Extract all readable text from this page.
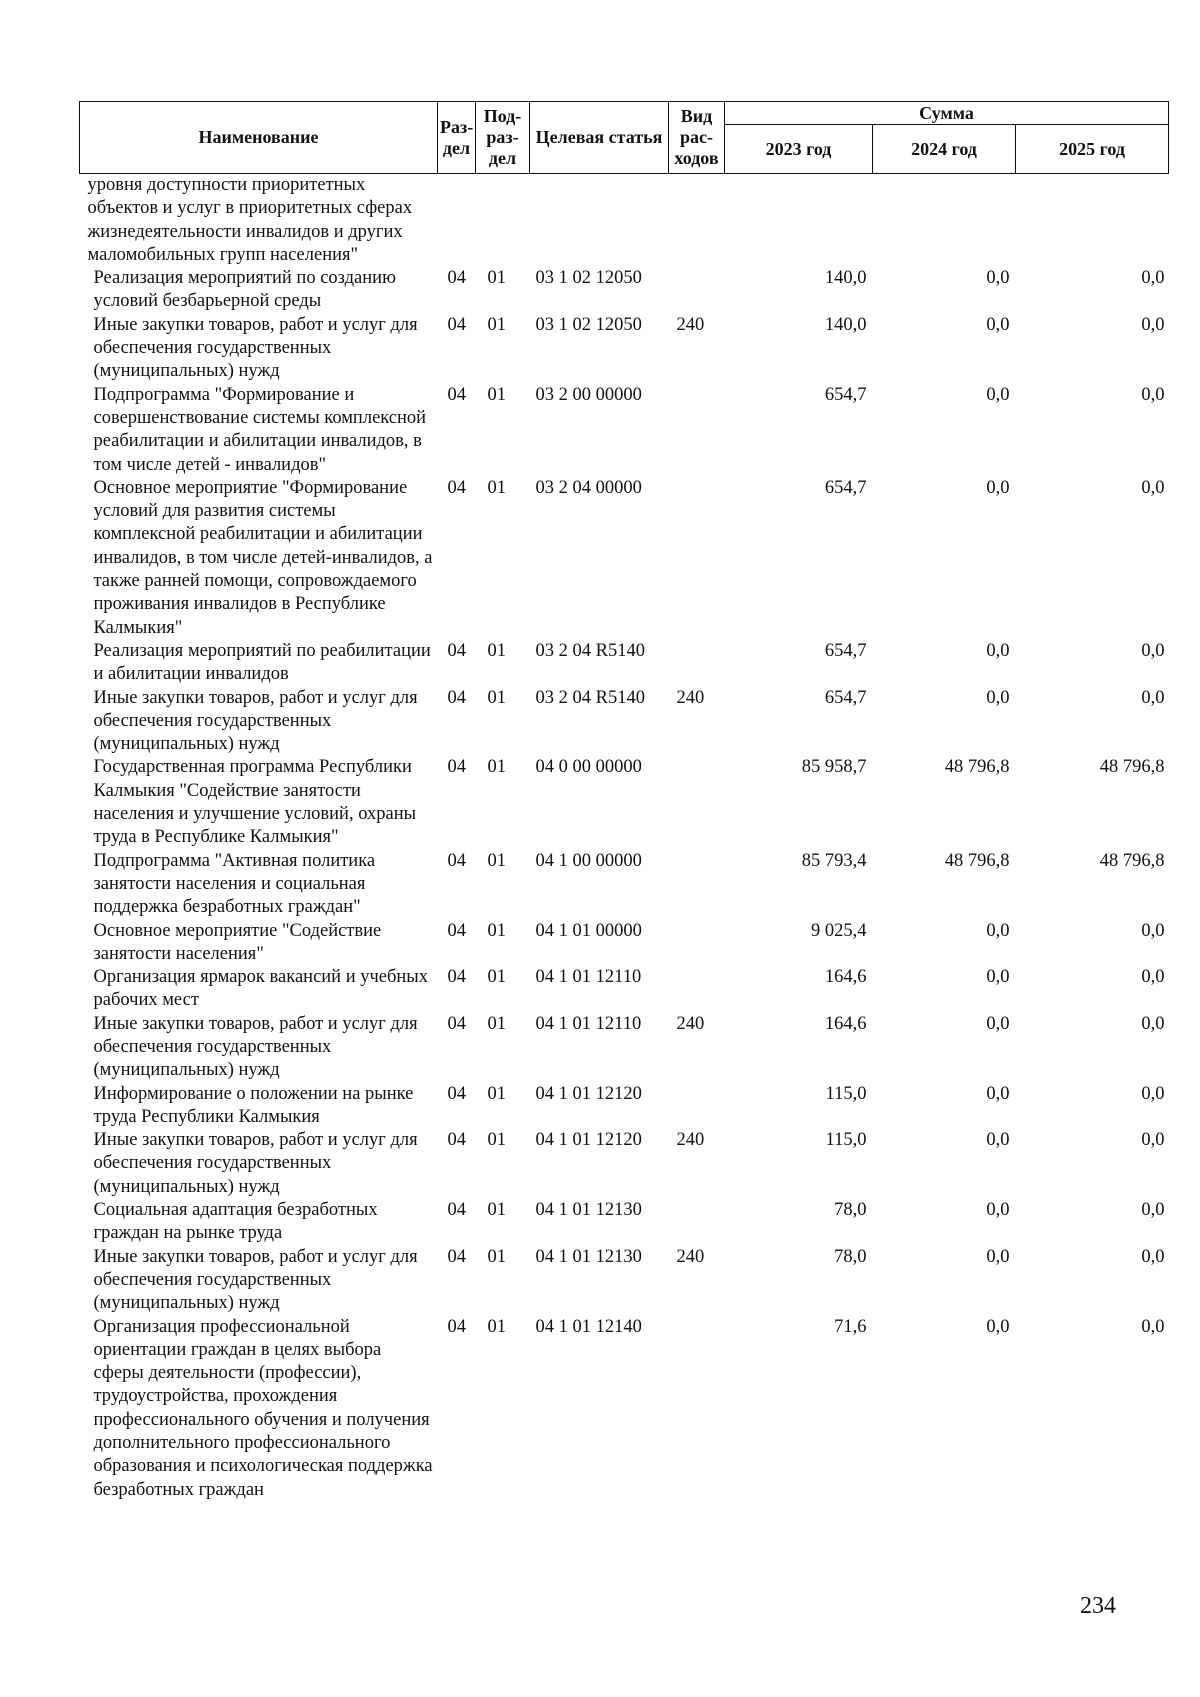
Наименование	Раз-дел	Под-раз-дел	Целевая статья	Вид рас-ходов	Сумма		
					2023 год	2024 год	2025 год
уровня доступности приоритетных объектов и услуг в приоритетных сферах жизнедеятельности инвалидов и других маломобильных групп населения"							
Реализация мероприятий по созданию условий безбарьерной среды	04	01	03 1 02 12050		140,0	0,0	0,0
Иные закупки товаров, работ и услуг для обеспечения государственных (муниципальных) нужд	04	01	03 1 02 12050	240	140,0	0,0	0,0
Подпрограмма "Формирование и совершенствование системы комплексной реабилитации и абилитации инвалидов, в том числе детей - инвалидов"	04	01	03 2 00 00000		654,7	0,0	0,0
Основное мероприятие "Формирование условий для развития системы комплексной реабилитации и абилитации инвалидов, в том числе детей-инвалидов, а также ранней помощи, сопровождаемого проживания инвалидов в Республике Калмыкия"	04	01	03 2 04 00000		654,7	0,0	0,0
Реализация мероприятий по реабилитации и абилитации инвалидов	04	01	03 2 04 R5140		654,7	0,0	0,0
Иные закупки товаров, работ и услуг для обеспечения государственных (муниципальных) нужд	04	01	03 2 04 R5140	240	654,7	0,0	0,0
Государственная программа Республики Калмыкия "Содействие занятости населения и улучшение условий, охраны труда в Республике Калмыкия"	04	01	04 0 00 00000		85 958,7	48 796,8	48 796,8
Подпрограмма "Активная политика занятости населения и социальная поддержка безработных граждан"	04	01	04 1 00 00000		85 793,4	48 796,8	48 796,8
Основное мероприятие "Содействие занятости населения"	04	01	04 1 01 00000		9 025,4	0,0	0,0
Организация ярмарок вакансий и учебных рабочих мест	04	01	04 1 01 12110		164,6	0,0	0,0
Иные закупки товаров, работ и услуг для обеспечения государственных (муниципальных) нужд	04	01	04 1 01 12110	240	164,6	0,0	0,0
Информирование о положении на рынке труда Республики Калмыкия	04	01	04 1 01 12120		115,0	0,0	0,0
Иные закупки товаров, работ и услуг для обеспечения государственных (муниципальных) нужд	04	01	04 1 01 12120	240	115,0	0,0	0,0
Социальная адаптация безработных граждан на рынке труда	04	01	04 1 01 12130		78,0	0,0	0,0
Иные закупки товаров, работ и услуг для обеспечения государственных (муниципальных) нужд	04	01	04 1 01 12130	240	78,0	0,0	0,0
Организация профессиональной ориентации граждан в целях выбора сферы деятельности (профессии), трудоустройства, прохождения профессионального обучения и получения дополнительного профессионального образования и психологическая поддержка безработных граждан	04	01	04 1 01 12140		71,6	0,0	0,0
234
